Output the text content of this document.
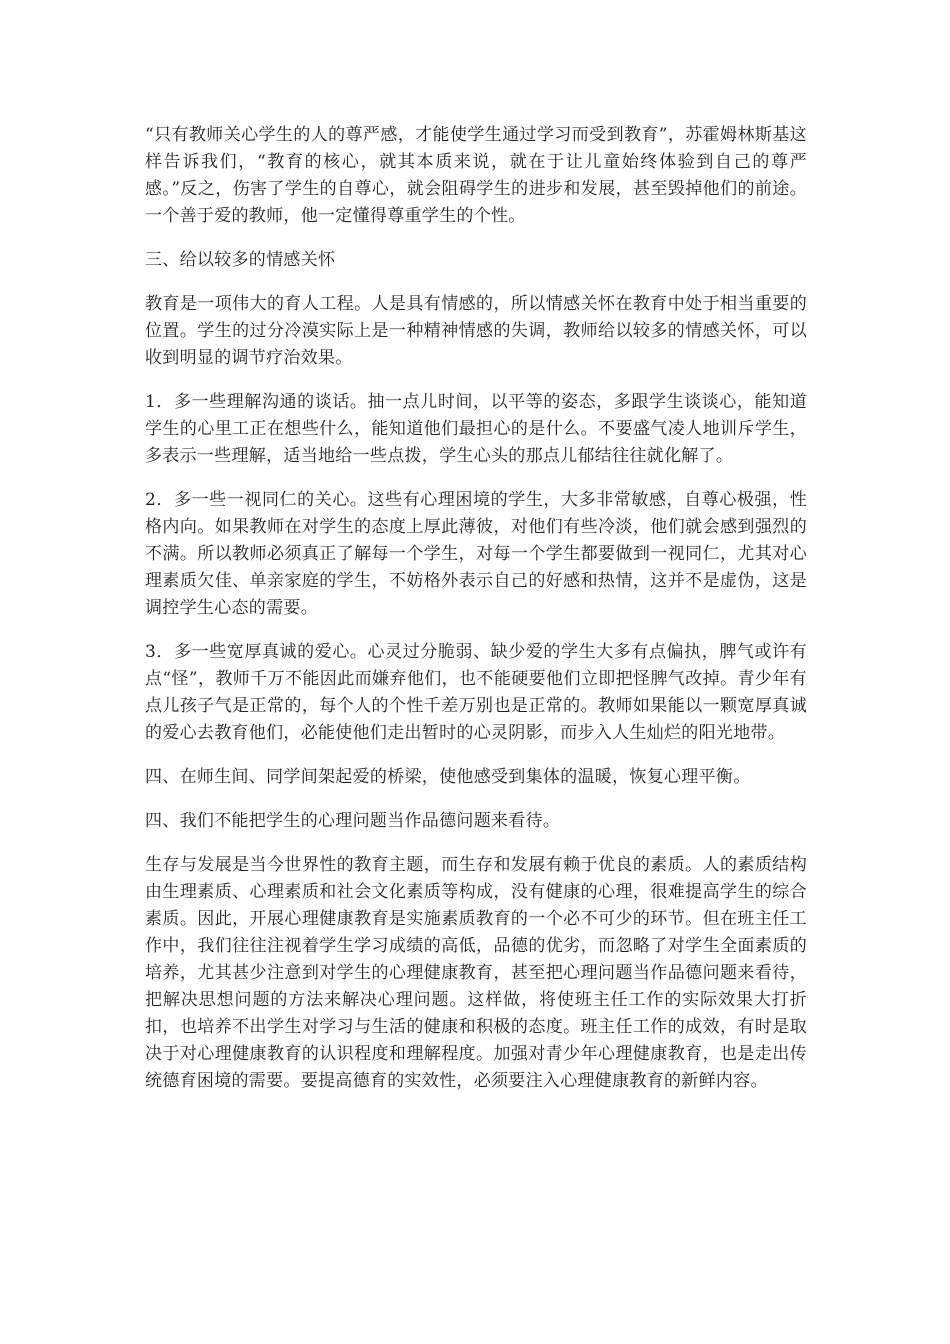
“只有教师关心学生的人的尊严感，才能使学生通过学习而受到教育”，苏霍姆林斯基这样告诉我们，“教育的核心，就其本质来说，就在于让儿童始终体验到自己的尊严感。”反之，伤害了学生的自尊心，就会阻碍学生的进步和发展，甚至毁掉他们的前途。一个善于爱的教师，他一定懂得尊重学生的个性。

三、给以较多的情感关怀

教育是一项伟大的育人工程。人是具有情感的，所以情感关怀在教育中处于相当重要的位置。学生的过分冷漠实际上是一种精神情感的失调，教师给以较多的情感关怀，可以收到明显的调节疗治效果。

1．多一些理解沟通的谈话。抽一点儿时间，以平等的姿态，多跟学生谈谈心，能知道学生的心里工正在想些什么，能知道他们最担心的是什么。不要盛气凌人地训斥学生，多表示一些理解，适当地给一些点拨，学生心头的那点儿郁结往往就化解了。

2．多一些一视同仁的关心。这些有心理困境的学生，大多非常敏感，自尊心极强，性格内向。如果教师在对学生的态度上厚此薄彼，对他们有些冷淡，他们就会感到强烈的不满。所以教师必须真正了解每一个学生，对每一个学生都要做到一视同仁，尤其对心理素质欠佳、单亲家庭的学生，不妨格外表示自己的好感和热情，这并不是虚伪，这是调控学生心态的需要。

3．多一些宽厚真诚的爱心。心灵过分脆弱、缺少爱的学生大多有点偏执，脾气或许有点“怪”，教师千万不能因此而嫌弃他们，也不能硬要他们立即把怪脾气改掉。青少年有点儿孩子气是正常的，每个人的个性千差万别也是正常的。教师如果能以一颗宽厚真诚的爱心去教育他们，必能使他们走出暂时的心灵阴影，而步入人生灿烂的阳光地带。

四、在师生间、同学间架起爱的桥梁，使他感受到集体的温暖，恢复心理平衡。

四、我们不能把学生的心理问题当作品德问题来看待。

生存与发展是当今世界性的教育主题，而生存和发展有赖于优良的素质。人的素质结构由生理素质、心理素质和社会文化素质等构成，没有健康的心理，很难提高学生的综合素质。因此，开展心理健康教育是实施素质教育的一个必不可少的环节。但在班主任工作中，我们往往注视着学生学习成绩的高低，品德的优劣，而忽略了对学生全面素质的培养，尤其甚少注意到对学生的心理健康教育，甚至把心理问题当作品德问题来看待，把解决思想问题的方法来解决心理问题。这样做，将使班主任工作的实际效果大打折扣，也培养不出学生对学习与生活的健康和积极的态度。班主任工作的成效，有时是取决于对心理健康教育的认识程度和理解程度。加强对青少年心理健康教育，也是走出传统德育困境的需要。要提高德育的实效性，必须要注入心理健康教育的新鲜内容。
